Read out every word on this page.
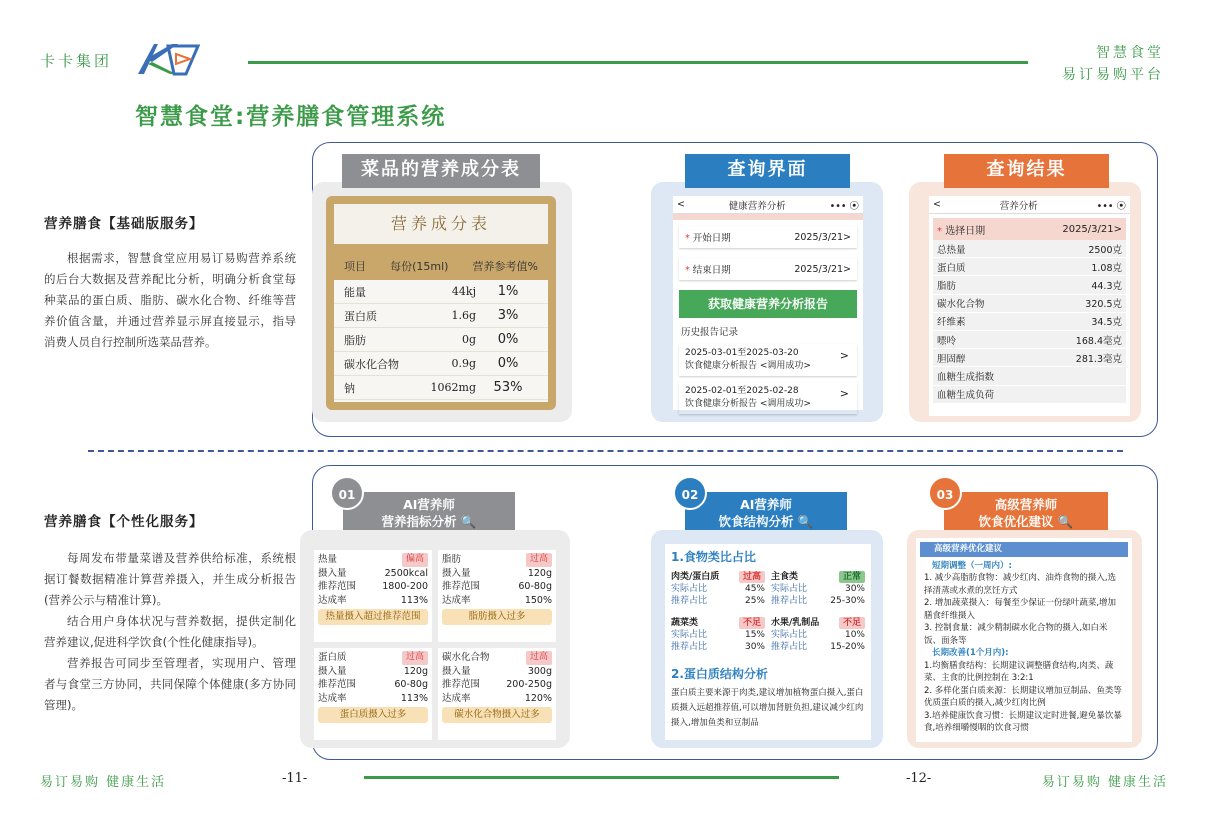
卡卡集团	智慧食堂
易订易购平台
智慧食堂:营养膳食管理系统
营养膳食【基础版服务】

根据需求，智慧食堂应用易订易购营养系统的后台大数据及营养配比分析，明确分析食堂每种菜品的蛋白质、脂肪、碳水化合物、纤维等营养价值含量，并通过营养显示屏直接显示，指导消费人员自行控制所选菜品营养。

菜品的营养成分表
营养成分表
项目 每份(15ml) 营养参考值%
能量	44kj	1%
蛋白质	1.6g	3%
脂肪	0g	0%
碳水化合物	0.9g	0%
钠	1062mg	53%
查询界面
<	健康营养分析	••• ⦿
* 开始日期	2025/3/21>
* 结束日期	2025/3/21>
获取健康营养分析报告
历史报告记录
2025-03-01至2025-03-20
饮食健康分析报告 <调用成功>
>
2025-02-01至2025-02-28
饮食健康分析报告 <调用成功>
>
查询结果
<	营养分析	••• ⦿
* 选择日期	2025/3/21>
总热量	2500克
蛋白质	1.08克
脂肪	44.3克
碳水化合物	320.5克
纤维素	34.5克
嘌呤	168.4毫克
胆固醇	281.3毫克
血糖生成指数
血糖生成负荷
营养膳食【个性化服务】

每周发布带量菜谱及营养供给标准，系统根据订餐数据精准计算营养摄入，并生成分析报告(营养公示与精准计算)。

结合用户身体状况与营养数据，提供定制化营养建议,促进科学饮食(个性化健康指导)。

营养报告可同步至管理者，实现用户、管理者与食堂三方协同，共同保障个体健康(多方协同管理)。

AI营养师
营养指标分析 🔍
01
热量	偏高
摄入量	2500kcal
推荐范围	1800-200
达成率	113%
热量摄入超过推荐范围
脂肪	过高
摄入量	120g
推荐范围	60-80g
达成率	150%
脂肪摄入过多
蛋白质	过高
摄入量	120g
推荐范围	60-80g
达成率	113%
蛋白质摄入过多
碳水化合物	过高
摄入量	300g
推荐范围	200-250g
达成率	120%
碳水化合物摄入过多
AI营养师
饮食结构分析 🔍
02
1.食物类比占比
肉类/蛋白质	过高
实际占比	45%
推荐占比	25%
主食类	正常
实际占比	30%
推荐占比	25-30%
蔬菜类	不足
实际占比	15%
推荐占比	30%
水果/乳制品	不足
实际占比	10%
推荐占比	15-20%
2.蛋白质结构分析
蛋白质主要来源于肉类,建议增加植物蛋白摄入,蛋白质摄入远超推荐值,可以增加肾脏负担,建议减少红肉摄入,增加鱼类和豆制品
高级营养师
饮食优化建议 🔍
03
高级营养优化建议
短期调整（一周内）:
1. 减少高脂肪食物：减少红肉、油炸食物的摄入,选择清蒸或水煮的烹饪方式
2. 增加蔬菜摄入：每餐至少保证一份绿叶蔬菜,增加膳食纤维摄入
3. 控制食量：减少精制碳水化合物的摄入,如白米饭、面条等
长期改善(1个月内):
1.均衡膳食结构：长期建议调整膳食结构,肉类、蔬菜、主食的比例控制在 3:2:1
2. 多样化蛋白质来源：长期建议增加豆制品、鱼类等优质蛋白质的摄入,减少红肉比例
3.培养健康饮食习惯：长期建议定时进餐,避免暴饮暴食,培养细嚼慢咽的饮食习惯
易订易购 健康生活	-11-	-12-	易订易购 健康生活
